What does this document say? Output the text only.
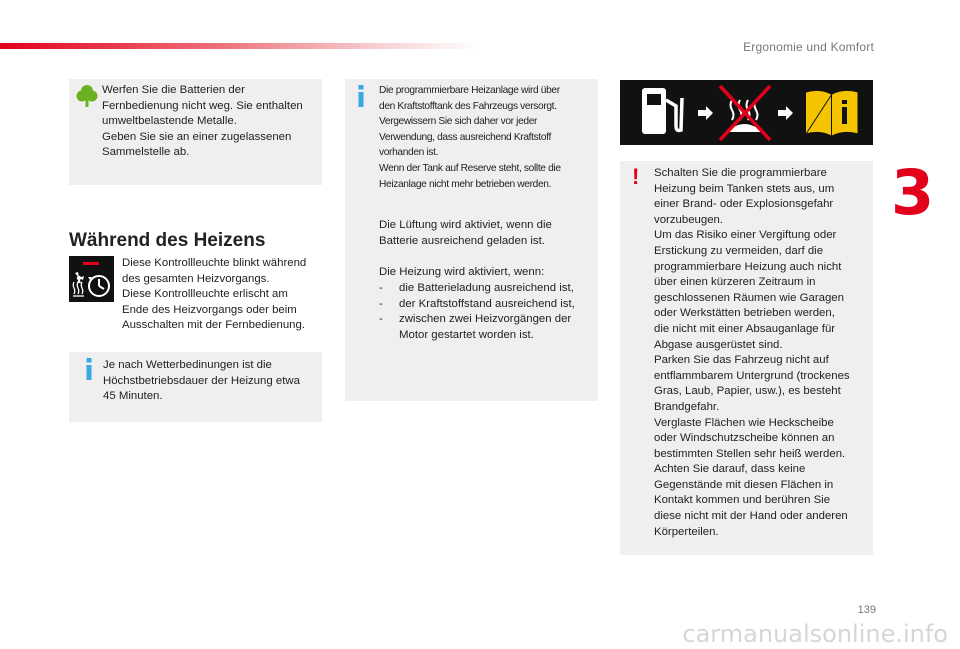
Ergonomie und Komfort
3
Werfen Sie die Batterien der
Fernbedienung nicht weg. Sie enthalten
umweltbelastende Metalle.
Geben Sie sie an einer zugelassenen
Sammelstelle ab.
Während des Heizens
Diese Kontrollleuchte blinkt während
des gesamten Heizvorgangs.
Diese Kontrollleuchte erlischt am
Ende des Heizvorgangs oder beim
Ausschalten mit der Fernbedienung.
Je nach Wetterbedinungen ist die
Höchstbetriebsdauer der Heizung etwa
45 Minuten.
Die programmierbare Heizanlage wird über
den Kraftstofftank des Fahrzeugs versorgt.
Vergewissern Sie sich daher vor jeder
Verwendung, dass ausreichend Kraftstoff
vorhanden ist.
Wenn der Tank auf Reserve steht, sollte die
Heizanlage nicht mehr betrieben werden.
Die Lüftung wird aktiviet, wenn die
Batterie ausreichend geladen ist.
Die Heizung wird aktiviert, wenn:
- die Batterieladung ausreichend ist,
- der Kraftstoffstand ausreichend ist,
- zwischen zwei Heizvorgängen der
Motor gestartet worden ist.
! Schalten Sie die programmierbare
Heizung beim Tanken stets aus, um
einer Brand- oder Explosionsgefahr
vorzubeugen.
Um das Risiko einer Vergiftung oder
Erstickung zu vermeiden, darf die
programmierbare Heizung auch nicht
über einen kürzeren Zeitraum in
geschlossenen Räumen wie Garagen
oder Werkstätten betrieben werden,
die nicht mit einer Absauganlage für
Abgase ausgerüstet sind.
Parken Sie das Fahrzeug nicht auf
entflammbarem Untergrund (trockenes
Gras, Laub, Papier, usw.), es besteht
Brandgefahr.
Verglaste Flächen wie Heckscheibe
oder Windschutzscheibe können an
bestimmten Stellen sehr heiß werden.
Achten Sie darauf, dass keine
Gegenstände mit diesen Flächen in
Kontakt kommen und berühren Sie
diese nicht mit der Hand oder anderen
Körperteilen.
139
carmanualsonline.info
